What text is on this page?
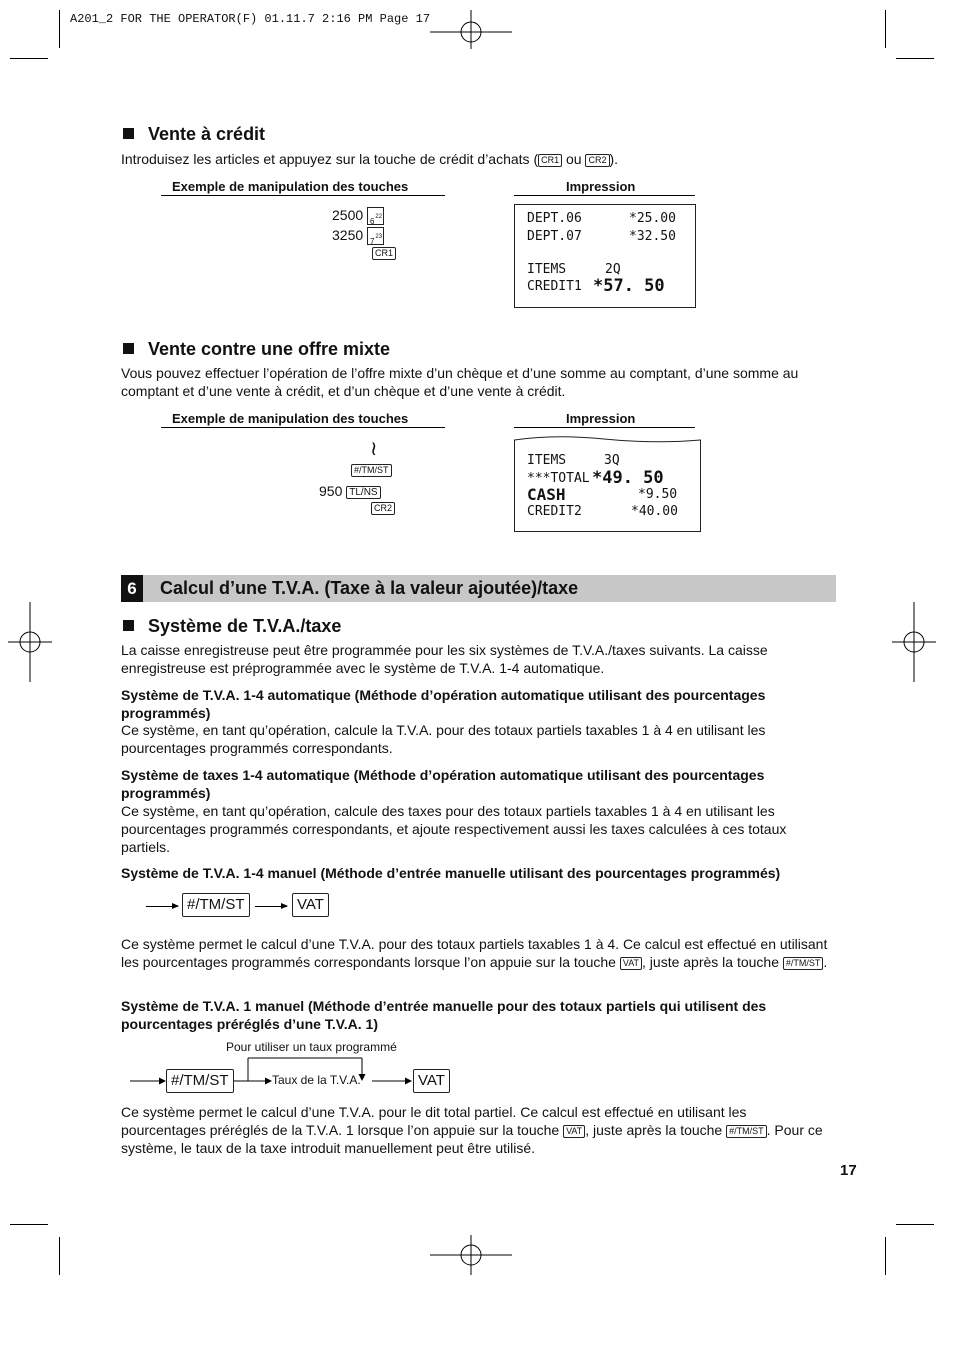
A201_2 FOR THE OPERATOR(F) 01.11.7 2:16 PM Page 17
Vente à crédit
Introduisez les articles et appuyez sur la touche de crédit d’achats ( CR1 ou CR2 ).
Exemple de manipulation des touches	Impression
2500 6 22
3250 7 23
CR1
DEPT.06	*25.00
DEPT.07	*32.50
ITEMS	2Q
CREDIT1 *57. 50
Vente contre une offre mixte
Vous pouvez effectuer l’opération de l’offre mixte d’un chèque et d’une somme au comptant, d’une somme au comptant et d’une vente à crédit, et d’un chèque et d’une vente à crédit.
Exemple de manipulation des touches	Impression
≀
#/TM/ST
950 TL/NS
CR2
ITEMS	3Q
***TOTAL *49. 50
CASH	*9.50
CREDIT2	*40.00
6	Calcul d’une T.V.A. (Taxe à la valeur ajoutée)/taxe
Système de T.V.A./taxe
La caisse enregistreuse peut être programmée pour les six systèmes de T.V.A./taxes suivants. La caisse enregistreuse est préprogrammée avec le système de T.V.A. 1-4 automatique.
Système de T.V.A. 1-4 automatique (Méthode d’opération automatique utilisant des pourcentages programmés)
Ce système, en tant qu’opération, calcule la T.V.A. pour des totaux partiels taxables 1 à 4 en utilisant les pourcentages programmés correspondants.
Système de taxes 1-4 automatique (Méthode d’opération automatique utilisant des pourcentages programmés)
Ce système, en tant qu’opération, calcule des taxes pour des totaux partiels taxables 1 à 4 en utilisant les pourcentages programmés correspondants, et ajoute respectivement aussi les taxes calculées à ces totaux partiels.
Système de T.V.A. 1-4 manuel (Méthode d’entrée manuelle utilisant des pourcentages programmés)
#/TM/ST	VAT
Ce système permet le calcul d’une T.V.A. pour des totaux partiels taxables 1 à 4. Ce calcul est effectué en utilisant les pourcentages programmés correspondants lorsque l’on appuie sur la touche VAT , juste après la touche #/TM/ST .
Système de T.V.A. 1 manuel (Méthode d’entrée manuelle pour des totaux partiels qui utilisent des pourcentages préréglés d’une T.V.A. 1)
Pour utiliser un taux programmé
#/TM/ST	Taux de la T.V.A.	VAT
Ce système permet le calcul d’une T.V.A. pour le dit total partiel. Ce calcul est effectué en utilisant les pourcentages préréglés de la T.V.A. 1 lorsque l’on appuie sur la touche VAT , juste après la touche #/TM/ST . Pour ce système, le taux de la taxe introduit manuellement peut être utilisé.
17
